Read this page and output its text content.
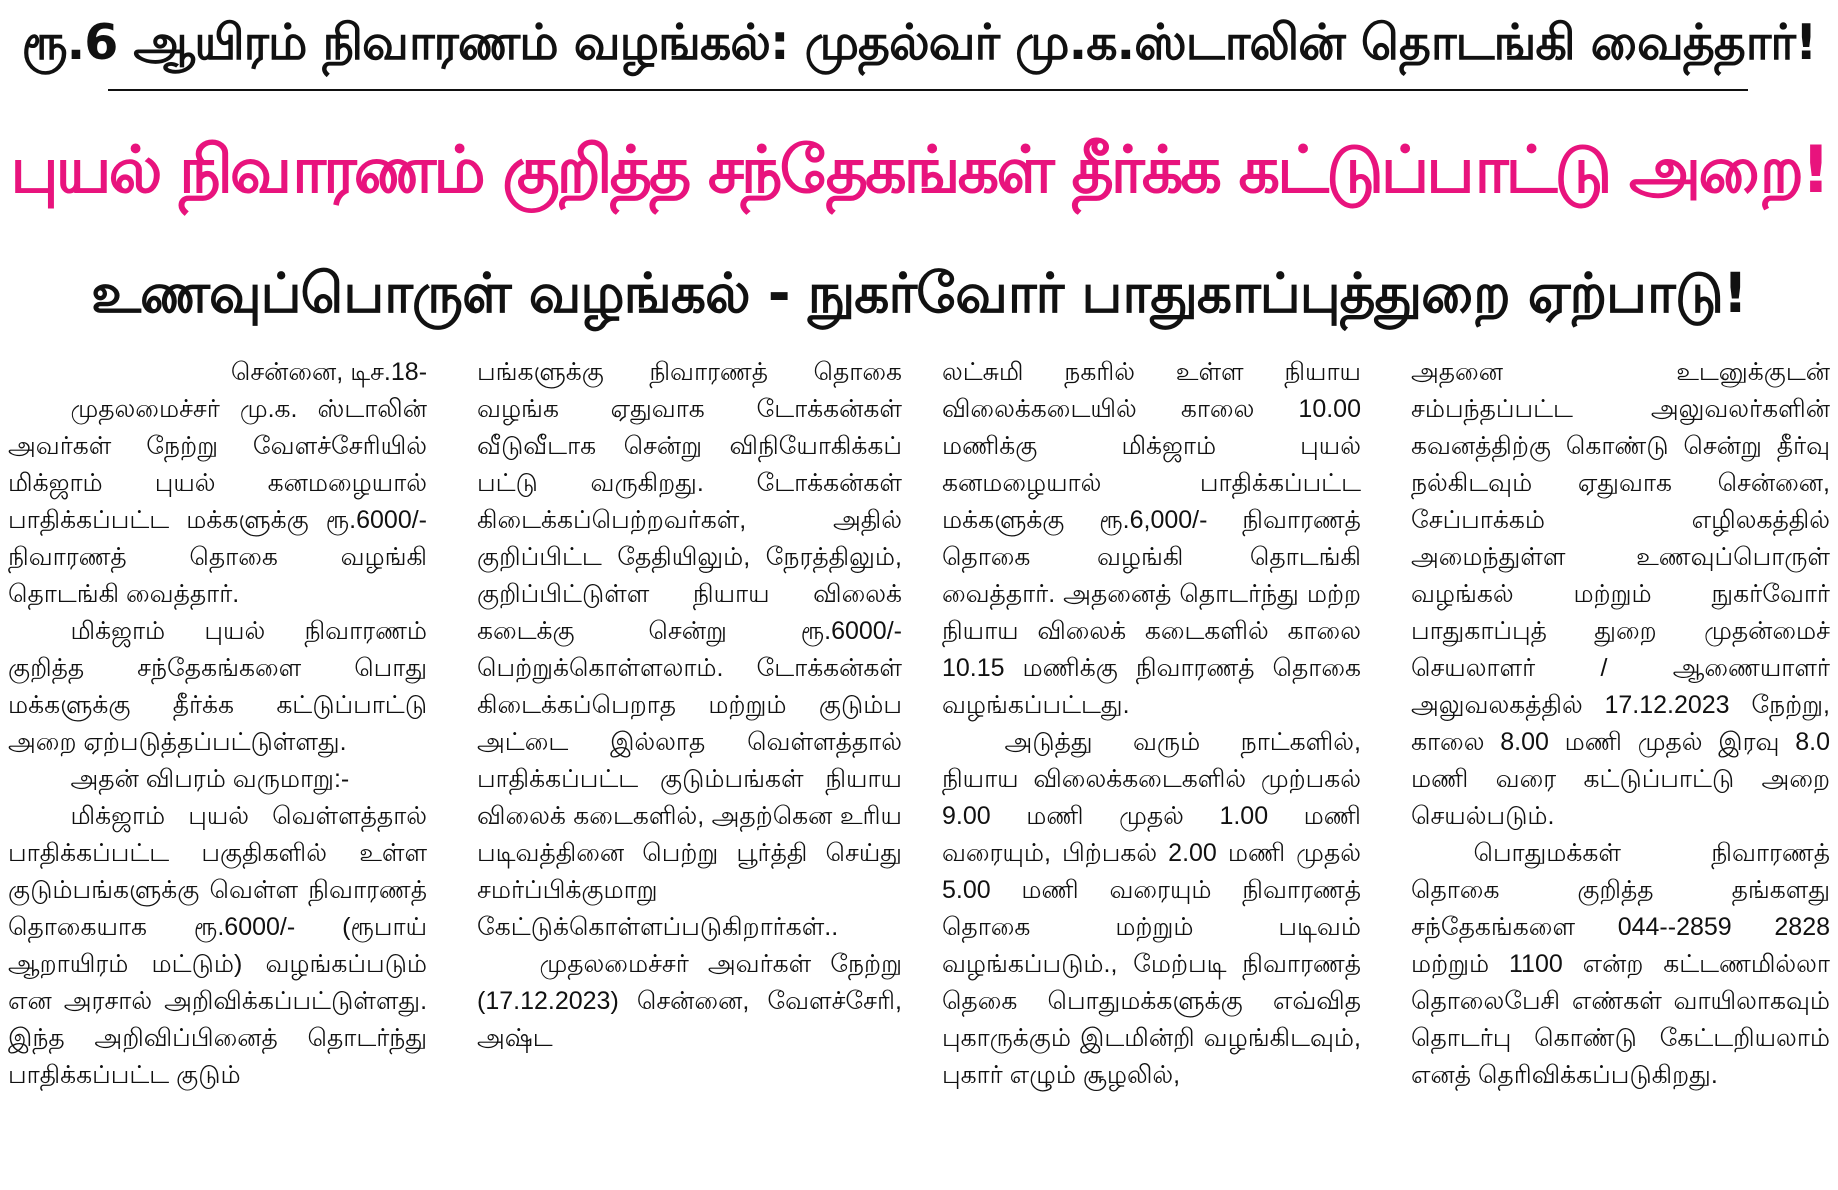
ரூ.6 ஆயிரம் நிவாரணம் வழங்கல்: முதல்வர் மு.க.ஸ்டாலின் தொடங்கி வைத்தார்!
புயல் நிவாரணம் குறித்த சந்தேகங்கள் தீர்க்க கட்டுப்பாட்டு அறை!
உணவுப்பொருள் வழங்கல் - நுகர்வோர் பாதுகாப்புத்துறை ஏற்பாடு!

சென்னை, டிச.18-

முதலமைச்சர் மு.க. ஸ்டாலின் அவர்கள் நேற்று வேளச்சேரியில் மிக்ஜாம் புயல் கனமழையால் பாதிக்கப்பட்ட மக்களுக்கு ரூ.6000/- நிவாரணத் தொகை வழங்கி தொடங்கி வைத்தார்.

மிக்ஜாம் புயல் நிவாரணம் குறித்த சந்தேகங்களை பொது மக்களுக்கு தீர்க்க கட்டுப்பாட்டு அறை ஏற்படுத்தப்பட்டுள்ளது.

அதன் விபரம் வருமாறு:-

மிக்ஜாம் புயல் வெள்ளத்தால் பாதிக்கப்பட்ட பகுதிகளில் உள்ள குடும்பங்களுக்கு வெள்ள நிவாரணத் தொகையாக ரூ.6000/- (ரூபாய் ஆறாயிரம் மட்டும்) வழங்கப்படும் என அரசால் அறிவிக்கப்பட்டுள்ளது. இந்த அறிவிப்பினைத் தொடர்ந்து பாதிக்கப்பட்ட குடும்

பங்களுக்கு நிவாரணத் தொகை வழங்க ஏதுவாக டோக்கன்கள் வீடுவீடாக சென்று விநியோகிக்கப் பட்டு வருகிறது. டோக்கன்கள் கிடைக்கப்பெற்றவர்கள், அதில் குறிப்பிட்ட தேதியிலும், நேரத்திலும், குறிப்பிட்டுள்ள நியாய விலைக் கடைக்கு சென்று ரூ.6000/- பெற்றுக்கொள்ளலாம். டோக்கன்கள் கிடைக்கப்பெறாத மற்றும் குடும்ப அட்டை இல்லாத வெள்ளத்தால் பாதிக்கப்பட்ட குடும்பங்கள் நியாய விலைக் கடைகளில், அதற்கென உரிய படிவத்தினை பெற்று பூர்த்தி செய்து சமர்ப்பிக்குமாறு கேட்டுக்கொள்ளப்படுகிறார்கள்..

முதலமைச்சர் அவர்கள் நேற்று (17.12.2023) சென்னை, வேளச்சேரி, அஷ்ட

லட்சுமி நகரில் உள்ள நியாய விலைக்கடையில் காலை 10.00 மணிக்கு மிக்ஜாம் புயல் கனமழையால் பாதிக்கப்பட்ட மக்களுக்கு ரூ.6,000/- நிவாரணத் தொகை வழங்கி தொடங்கி வைத்தார். அதனைத் தொடர்ந்து மற்ற நியாய விலைக் கடைகளில் காலை 10.15 மணிக்கு நிவாரணத் தொகை வழங்கப்பட்டது.

அடுத்து வரும் நாட்களில், நியாய விலைக்கடைகளில் முற்பகல் 9.00 மணி முதல் 1.00 மணி வரையும், பிற்பகல் 2.00 மணி முதல் 5.00 மணி வரையும் நிவாரணத் தொகை மற்றும் படிவம் வழங்கப்படும்., மேற்படி நிவாரணத் தெகை பொதுமக்களுக்கு எவ்வித புகாருக்கும் இடமின்றி வழங்கிடவும், புகார் எழும் சூழலில்,

அதனை உடனுக்குடன் சம்பந்தப்பட்ட அலுவலர்களின் கவனத்திற்கு கொண்டு சென்று தீர்வு நல்கிடவும் ஏதுவாக சென்னை, சேப்பாக்கம் எழிலகத்தில் அமைந்துள்ள உணவுப்பொருள் வழங்கல் மற்றும் நுகர்வோர் பாதுகாப்புத் துறை முதன்மைச் செயலாளர் / ஆணையாளர் அலுவலகத்தில் 17.12.2023 நேற்று, காலை 8.00 மணி முதல் இரவு 8.0 மணி வரை கட்டுப்பாட்டு அறை செயல்படும்.

பொதுமக்கள் நிவாரணத் தொகை குறித்த தங்களது சந்தேகங்களை 044--2859 2828 மற்றும் 1100 என்ற கட்டணமில்லா தொலைபேசி எண்கள் வாயிலாகவும் தொடர்பு கொண்டு கேட்டறியலாம் எனத் தெரிவிக்கப்படுகிறது.
